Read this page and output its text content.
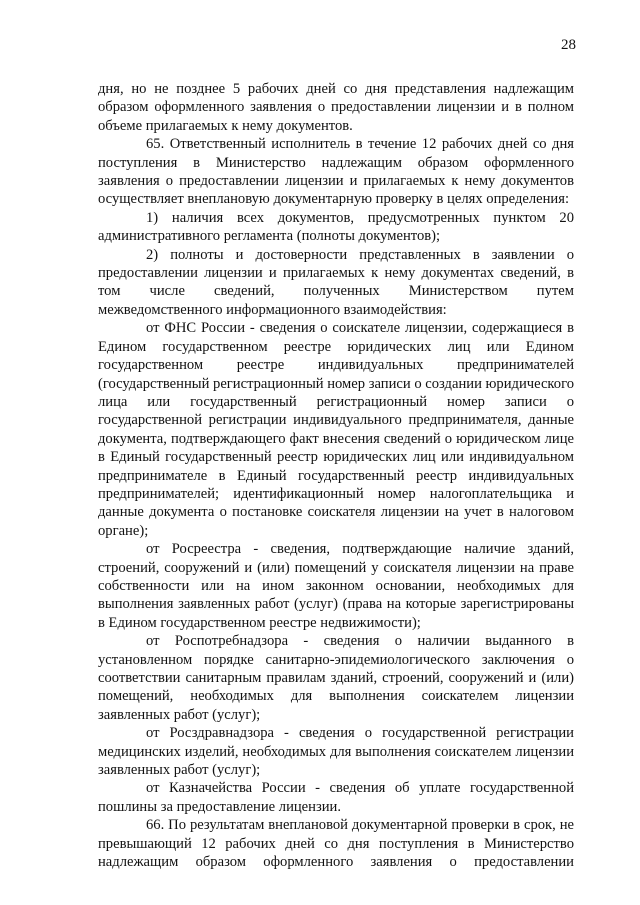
28

дня, но не позднее 5 рабочих дней со дня представления надлежащим образом оформленного заявления о предоставлении лицензии и в полном объеме прилагаемых к нему документов.

65. Ответственный исполнитель в течение 12 рабочих дней со дня поступления в Министерство надлежащим образом оформленного заявления о предоставлении лицензии и прилагаемых к нему документов осуществляет внеплановую документарную проверку в целях определения:

1) наличия всех документов, предусмотренных пунктом 20 административного регламента (полноты документов);

2) полноты и достоверности представленных в заявлении о предоставлении лицензии и прилагаемых к нему документах сведений, в том числе сведений, полученных Министерством путем межведомственного информационного взаимодействия:

от ФНС России - сведения о соискателе лицензии, содержащиеся в Едином государственном реестре юридических лиц или Едином государственном реестре индивидуальных предпринимателей (государственный регистрационный номер записи о создании юридического лица или государственный регистрационный номер записи о государственной регистрации индивидуального предпринимателя, данные документа, подтверждающего факт внесения сведений о юридическом лице в Единый государственный реестр юридических лиц или индивидуальном предпринимателе в Единый государственный реестр индивидуальных предпринимателей; идентификационный номер налогоплательщика и данные документа о постановке соискателя лицензии на учет в налоговом органе);

от Росреестра - сведения, подтверждающие наличие зданий, строений, сооружений и (или) помещений у соискателя лицензии на праве собственности или на ином законном основании, необходимых для выполнения заявленных работ (услуг) (права на которые зарегистрированы в Едином государственном реестре недвижимости);

от Роспотребнадзора - сведения о наличии выданного в установленном порядке санитарно-эпидемиологического заключения о соответствии санитарным правилам зданий, строений, сооружений и (или) помещений, необходимых для выполнения соискателем лицензии заявленных работ (услуг);

от Росздравнадзора - сведения о государственной регистрации медицинских изделий, необходимых для выполнения соискателем лицензии заявленных работ (услуг);

от Казначейства России - сведения об уплате государственной пошлины за предоставление лицензии.

66. По результатам внеплановой документарной проверки в срок, не превышающий 12 рабочих дней со дня поступления в Министерство надлежащим образом оформленного заявления о предоставлении
